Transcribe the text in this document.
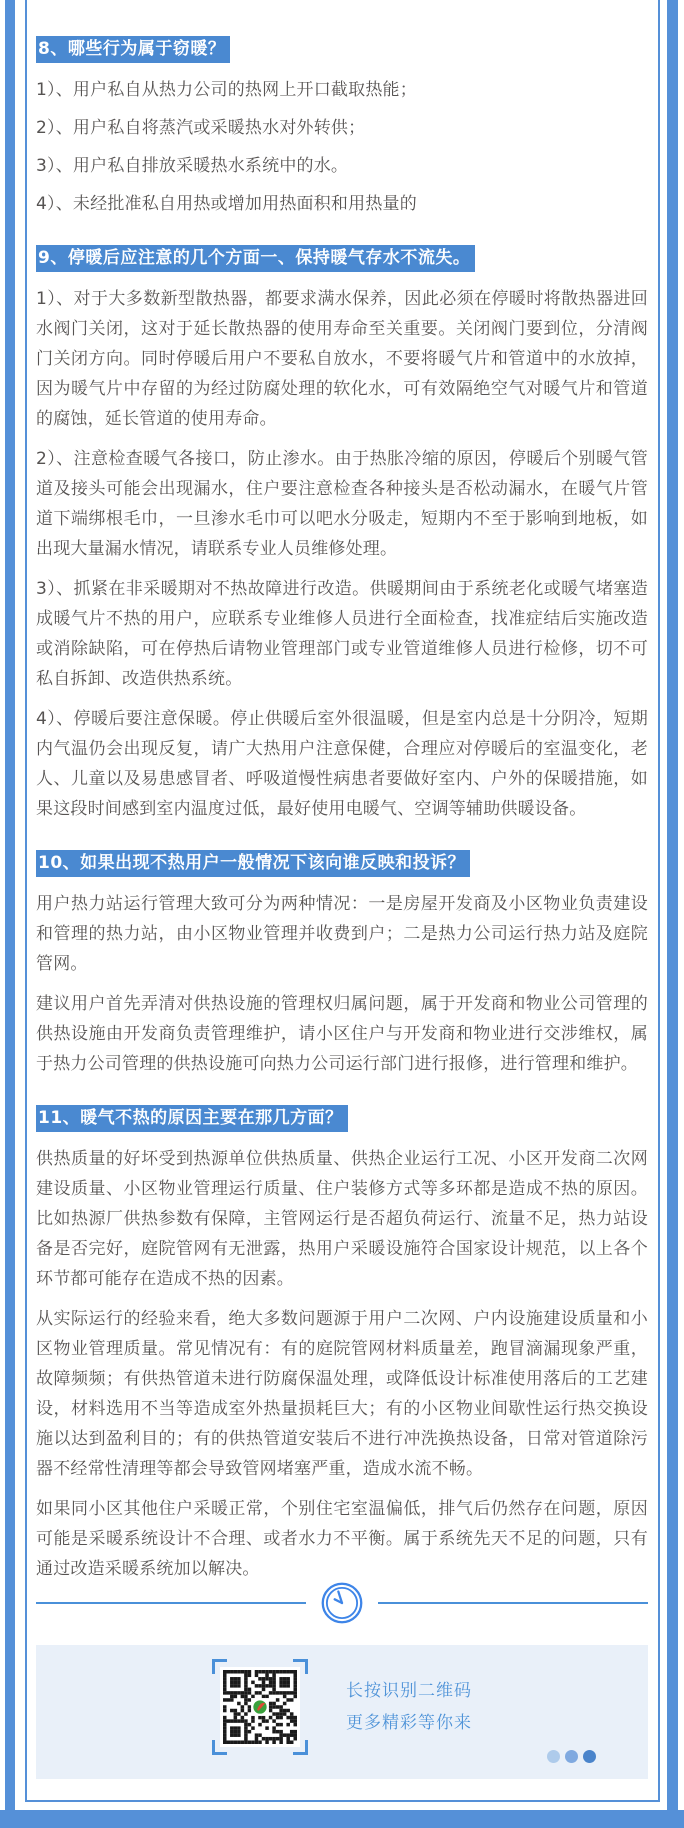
8、哪些行为属于窃暖？

1）、用户私自从热力公司的热网上开口截取热能；

2）、用户私自将蒸汽或采暖热水对外转供；

3）、用户私自排放采暖热水系统中的水。

4）、未经批准私自用热或增加用热面积和用热量的

9、停暖后应注意的几个方面一、保持暖气存水不流失。

1）、对于大多数新型散热器，都要求满水保养，因此必须在停暖时将散热器进回水阀门关闭，这对于延长散热器的使用寿命至关重要。关闭阀门要到位，分清阀门关闭方向。同时停暖后用户不要私自放水，不要将暖气片和管道中的水放掉，因为暖气片中存留的为经过防腐处理的软化水，可有效隔绝空气对暖气片和管道的腐蚀，延长管道的使用寿命。

2）、注意检查暖气各接口，防止渗水。由于热胀冷缩的原因，停暖后个别暖气管道及接头可能会出现漏水，住户要注意检查各种接头是否松动漏水，在暖气片管道下端绑根毛巾，一旦渗水毛巾可以吧水分吸走，短期内不至于影响到地板，如出现大量漏水情况，请联系专业人员维修处理。

3）、抓紧在非采暖期对不热故障进行改造。供暖期间由于系统老化或暖气堵塞造成暖气片不热的用户，应联系专业维修人员进行全面检查，找准症结后实施改造或消除缺陷，可在停热后请物业管理部门或专业管道维修人员进行检修，切不可私自拆卸、改造供热系统。

4）、停暖后要注意保暖。停止供暖后室外很温暖，但是室内总是十分阴冷，短期内气温仍会出现反复，请广大热用户注意保健，合理应对停暖后的室温变化，老人、儿童以及易患感冒者、呼吸道慢性病患者要做好室内、户外的保暖措施，如果这段时间感到室内温度过低，最好使用电暖气、空调等辅助供暖设备。

10、如果出现不热用户一般情况下该向谁反映和投诉？

用户热力站运行管理大致可分为两种情况：一是房屋开发商及小区物业负责建设和管理的热力站，由小区物业管理并收费到户；二是热力公司运行热力站及庭院管网。

建议用户首先弄清对供热设施的管理权归属问题，属于开发商和物业公司管理的供热设施由开发商负责管理维护，请小区住户与开发商和物业进行交涉维权，属于热力公司管理的供热设施可向热力公司运行部门进行报修，进行管理和维护。

11、暖气不热的原因主要在那几方面？

供热质量的好坏受到热源单位供热质量、供热企业运行工况、小区开发商二次网建设质量、小区物业管理运行质量、住户装修方式等多环都是造成不热的原因。比如热源厂供热参数有保障，主管网运行是否超负荷运行、流量不足，热力站设备是否完好，庭院管网有无泄露，热用户采暖设施符合国家设计规范，以上各个环节都可能存在造成不热的因素。

从实际运行的经验来看，绝大多数问题源于用户二次网、户内设施建设质量和小区物业管理质量。常见情况有：有的庭院管网材料质量差，跑冒滴漏现象严重，故障频频；有供热管道未进行防腐保温处理，或降低设计标准使用落后的工艺建设，材料选用不当等造成室外热量损耗巨大；有的小区物业间歇性运行热交换设施以达到盈利目的；有的供热管道安装后不进行冲洗换热设备，日常对管道除污器不经常性清理等都会导致管网堵塞严重，造成水流不畅。

如果同小区其他住户采暖正常，个别住宅室温偏低，排气后仍然存在问题，原因可能是采暖系统设计不合理、或者水力不平衡。属于系统先天不足的问题，只有通过改造采暖系统加以解决。

长按识别二维码
更多精彩等你来
